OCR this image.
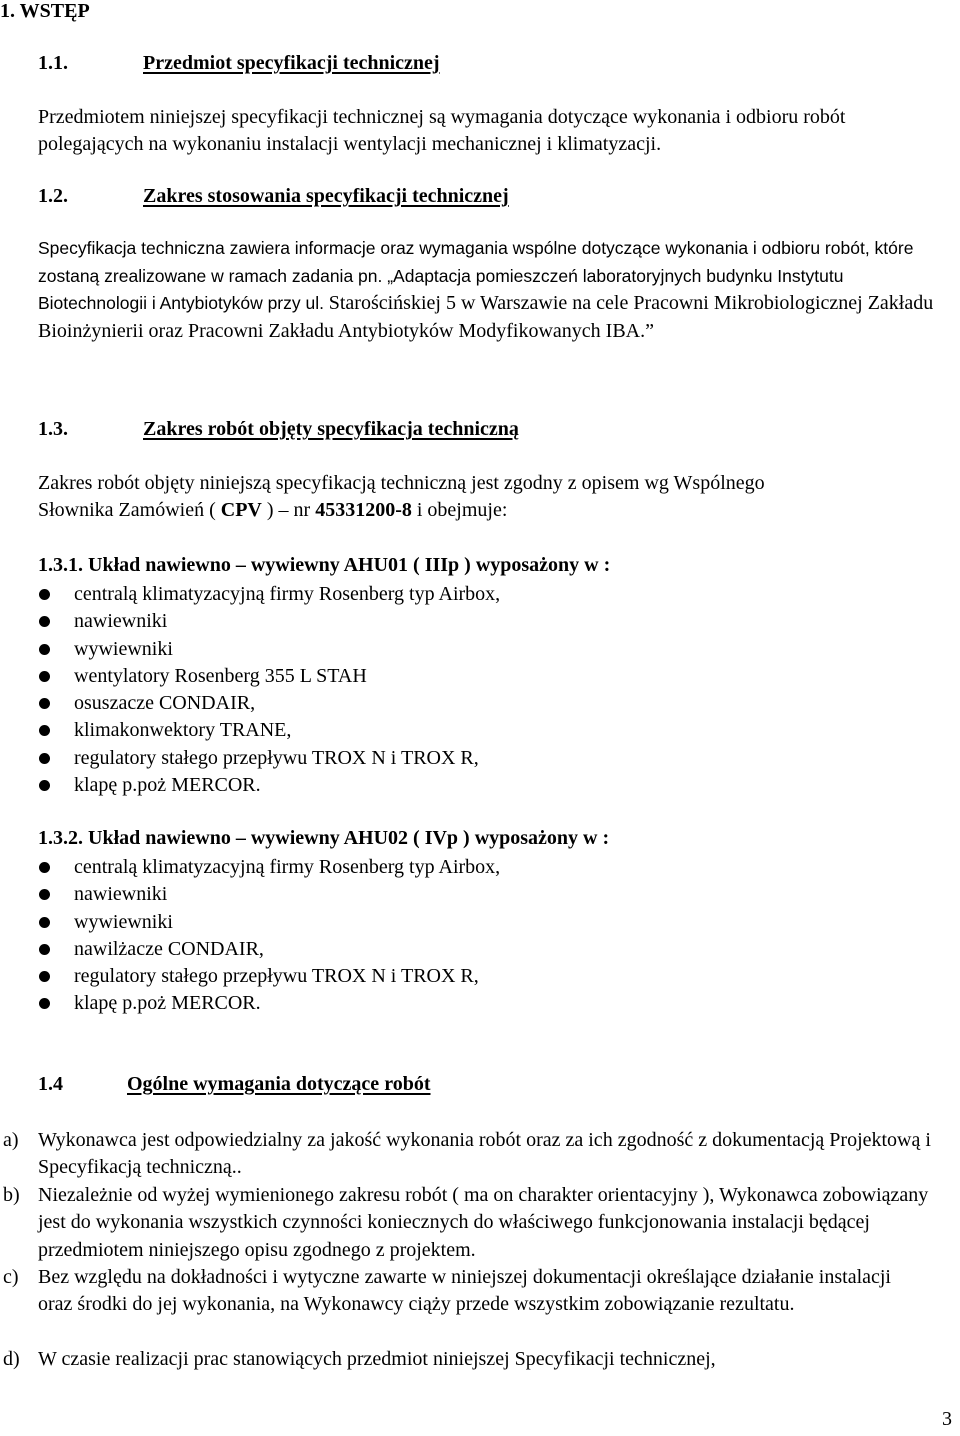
1. WSTĘP
1.1.	Przedmiot specyfikacji technicznej
Przedmiotem niniejszej specyfikacji technicznej są wymagania dotyczące wykonania i odbioru robót polegających na wykonaniu instalacji wentylacji mechanicznej i klimatyzacji.
1.2.	Zakres stosowania specyfikacji technicznej
Specyfikacja techniczna zawiera informacje oraz wymagania wspólne dotyczące wykonania i odbioru robót, które zostaną zrealizowane w ramach zadania pn. „Adaptacja pomieszczeń laboratoryjnych budynku Instytutu Biotechnologii i Antybiotyków przy ul. Starościńskiej 5 w Warszawie na cele Pracowni Mikrobiologicznej Zakładu Bioinżynierii oraz Pracowni Zakładu Antybiotyków Modyfikowanych IBA.”
1.3.	Zakres robót objęty specyfikacja techniczną
Zakres robót objęty niniejszą specyfikacją techniczną jest zgodny z opisem wg Wspólnego
Słownika Zamówień ( CPV ) – nr 45331200-8 i obejmuje:
1.3.1. Układ nawiewno – wywiewny AHU01 ( IIIp ) wyposażony w :
centralą klimatyzacyjną firmy Rosenberg typ Airbox,
nawiewniki
wywiewniki
wentylatory Rosenberg 355 L STAH
osuszacze CONDAIR,
klimakonwektory TRANE,
regulatory stałego przepływu TROX N i TROX R,
klapę p.poż MERCOR.
1.3.2. Układ nawiewno – wywiewny AHU02 ( IVp ) wyposażony w :
centralą klimatyzacyjną firmy Rosenberg typ Airbox,
nawiewniki
wywiewniki
nawilżacze CONDAIR,
regulatory stałego przepływu TROX N i TROX R,
klapę p.poż MERCOR.
1.4	Ogólne wymagania dotyczące robót
a) Wykonawca jest odpowiedzialny za jakość wykonania robót oraz za ich zgodność z dokumentacją Projektową i Specyfikacją techniczną..
b) Niezależnie od wyżej wymienionego zakresu robót ( ma on charakter orientacyjny ), Wykonawca zobowiązany jest do wykonania wszystkich czynności koniecznych do właściwego funkcjonowania instalacji będącej przedmiotem niniejszego opisu zgodnego z projektem.
c) Bez względu na dokładności i wytyczne zawarte w niniejszej dokumentacji określające działanie instalacji oraz środki do jej wykonania, na Wykonawcy ciąży przede wszystkim zobowiązanie rezultatu.
d) W czasie realizacji prac stanowiących przedmiot niniejszej Specyfikacji technicznej,
3
